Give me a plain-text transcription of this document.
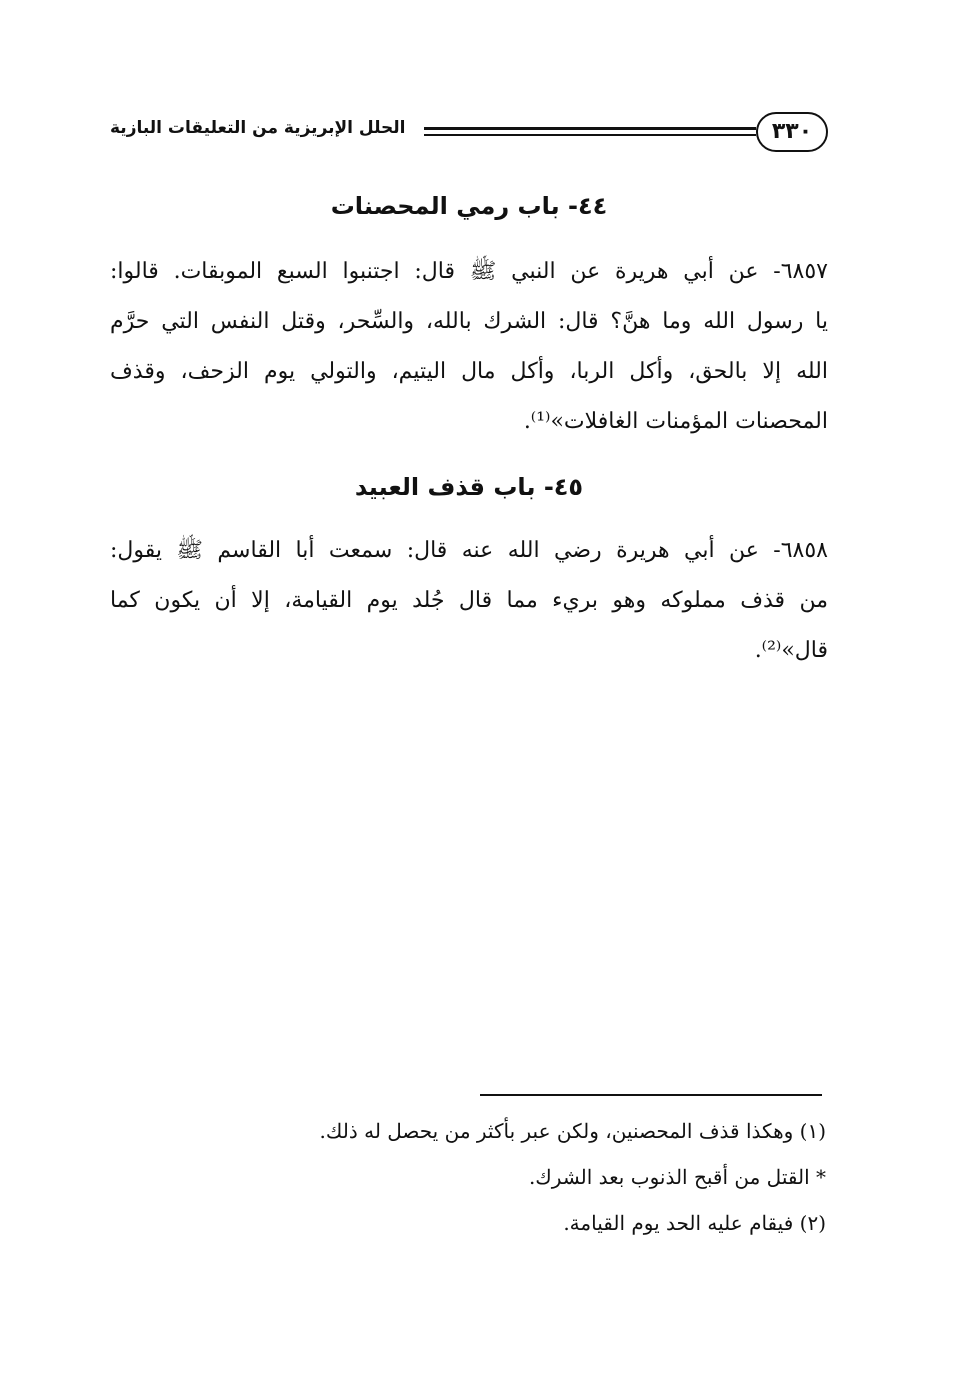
٣٣٠
الحلل الإبريزية من التعليقات البازية
٤٤- باب رمي المحصنات
٦٨٥٧- عن أبي هريرة عن النبي ﷺ قال: اجتنبوا السبع الموبقات. قالوا:
يا رسول الله وما هنَّ؟ قال: الشرك بالله، والسِّحر، وقتل النفس التي حرَّم
الله إلا بالحق، وأكل الربا، وأكل مال اليتيم، والتولي يوم الزحف، وقذف
المحصنات المؤمنات الغافلات»⁽¹⁾.
٤٥- باب قذف العبيد
٦٨٥٨- عن أبي هريرة رضي الله عنه قال: سمعت أبا القاسم ﷺ يقول:
من قذف مملوكه وهو بريء مما قال جُلد يوم القيامة، إلا أن يكون كما
قال»⁽²⁾.
(١) وهكذا قذف المحصنين، ولكن عبر بأكثر من يحصل له ذلك.
* القتل من أقبح الذنوب بعد الشرك.
(٢) فيقام عليه الحد يوم القيامة.
